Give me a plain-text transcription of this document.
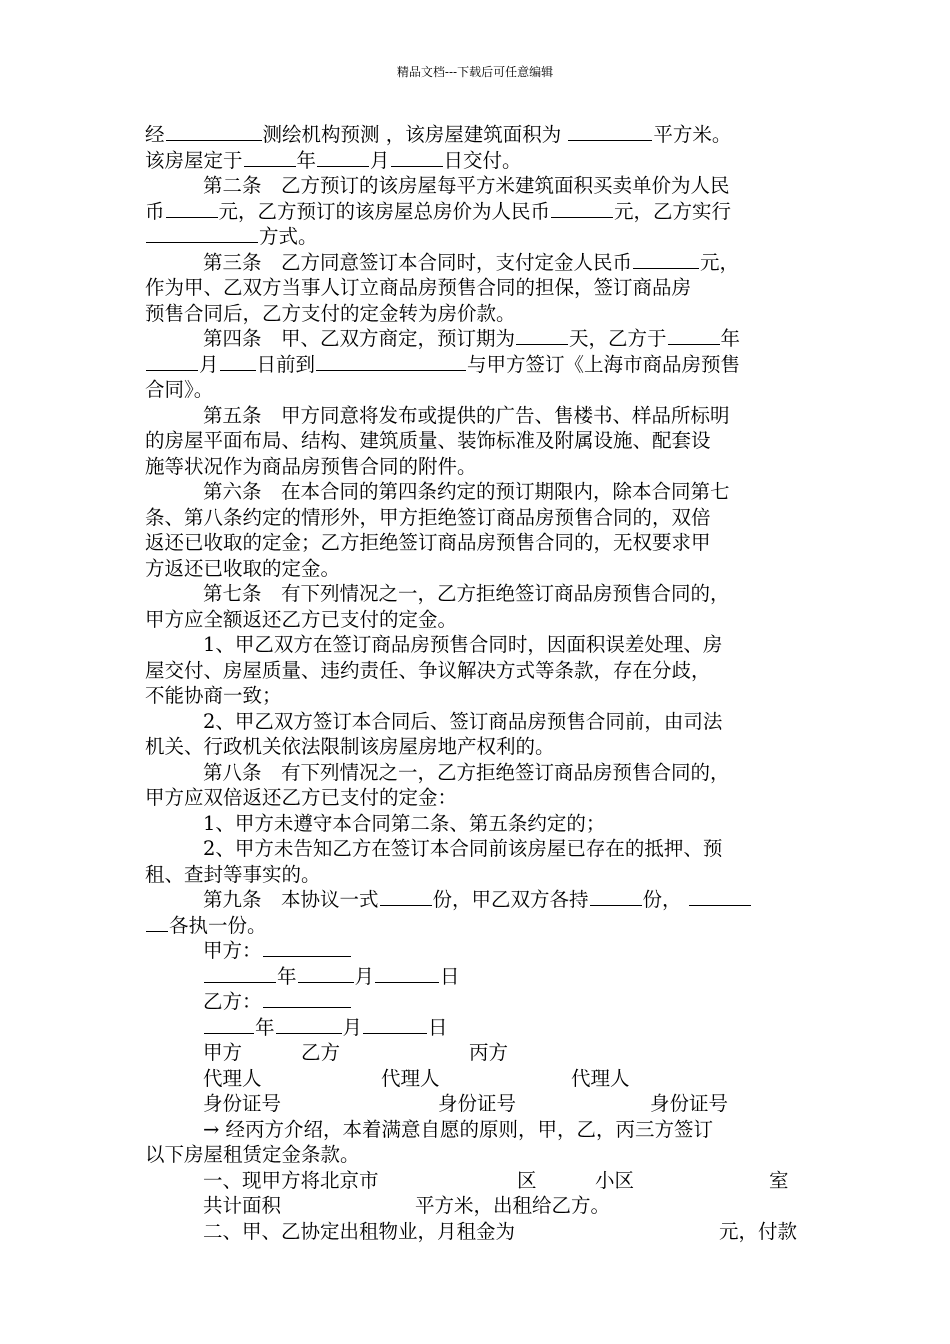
精品文档---下载后可任意编辑
经	测绘机构预测 ，该房屋建筑面积为	平方米。
该房屋定于	年	月	日交付。
第二条　乙方预订的该房屋每平方米建筑面积买卖单价为人民
币	元，乙方预订的该房屋总房价为人民币	元，乙方实行
方式。
第三条　乙方同意签订本合同时，支付定金人民币	元，
作为甲、乙双方当事人订立商品房预售合同的担保，签订商品房
预售合同后，乙方支付的定金转为房价款。
第四条　甲、乙双方商定，预订期为	天，乙方于	年
月 日前到	与甲方签订《上海市商品房预售
合同》。
第五条　甲方同意将发布或提供的广告、售楼书、样品所标明
的房屋平面布局、结构、建筑质量、装饰标准及附属设施、配套设
施等状况作为商品房预售合同的附件。
第六条　在本合同的第四条约定的预订期限内，除本合同第七
条、第八条约定的情形外，甲方拒绝签订商品房预售合同的，双倍
返还已收取的定金；乙方拒绝签订商品房预售合同的，无权要求甲
方返还已收取的定金。
第七条　有下列情况之一，乙方拒绝签订商品房预售合同的，
甲方应全额返还乙方已支付的定金。
1、甲乙双方在签订商品房预售合同时，因面积误差处理、房
屋交付、房屋质量、违约责任、争议解决方式等条款，存在分歧，
不能协商一致；
2、甲乙双方签订本合同后、签订商品房预售合同前，由司法
机关、行政机关依法限制该房屋房地产权利的。
第八条　有下列情况之一，乙方拒绝签订商品房预售合同的，
甲方应双倍返还乙方已支付的定金：
1、甲方未遵守本合同第二条、第五条约定的；
2、甲方未告知乙方在签订本合同前该房屋已存在的抵押、预
租、查封等事实的。
第九条　本协议一式	份，甲乙双方各持	份，
各执一份。
甲方：
年	月	日
乙方：
年	月	日
甲方	乙方	丙方
代理人	代理人	代理人
身份证号	身份证号	身份证号
→ 经丙方介绍，本着满意自愿的原则，甲，乙，丙三方签订
以下房屋租赁定金条款。
一、现甲方将北京市	区	小区	室
共计面积	平方米，出租给乙方。
二、甲、乙协定出租物业，月租金为	元，付款
